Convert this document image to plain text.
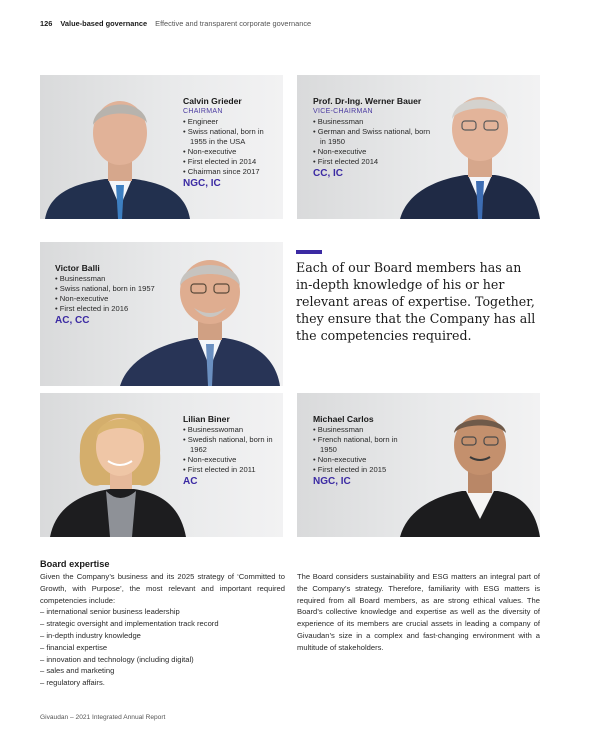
126 Value-based governance Effective and transparent corporate governance
Calvin Grieder
CHAIRMAN
• Engineer
• Swiss national, born in 1955 in the USA
• Non-executive
• First elected in 2014
• Chairman since 2017
NGC, IC
Prof. Dr-Ing. Werner Bauer
VICE-CHAIRMAN
• Businessman
• German and Swiss national, born in 1950
• Non-executive
• First elected 2014
CC, IC
Victor Balli
• Businessman
• Swiss national, born in 1957
• Non-executive
• First elected in 2016
AC, CC
Each of our Board members has an in-depth knowledge of his or her relevant areas of expertise. Together, they ensure that the Company has all the competencies required.
Lilian Biner
• Businesswoman
• Swedish national, born in 1962
• Non-executive
• First elected in 2011
AC
Michael Carlos
• Businessman
• French national, born in 1950
• Non-executive
• First elected in 2015
NGC, IC
Board expertise
Given the Company’s business and its 2025 strategy of ‘Committed to Growth, with Purpose’, the most relevant and important required competencies include:
– international senior business leadership
– strategic oversight and implementation track record
– in-depth industry knowledge
– financial expertise
– innovation and technology (including digital)
– sales and marketing
– regulatory affairs.
The Board considers sustainability and ESG matters an integral part of the Company’s strategy. Therefore, familiarity with ESG matters is required from all Board members, as are strong ethical values. The Board’s collective knowledge and expertise as well as the diversity of experience of its members are crucial assets in leading a company of Givaudan’s size in a complex and fast-changing environment with a multitude of stakeholders.
Givaudan – 2021 Integrated Annual Report
